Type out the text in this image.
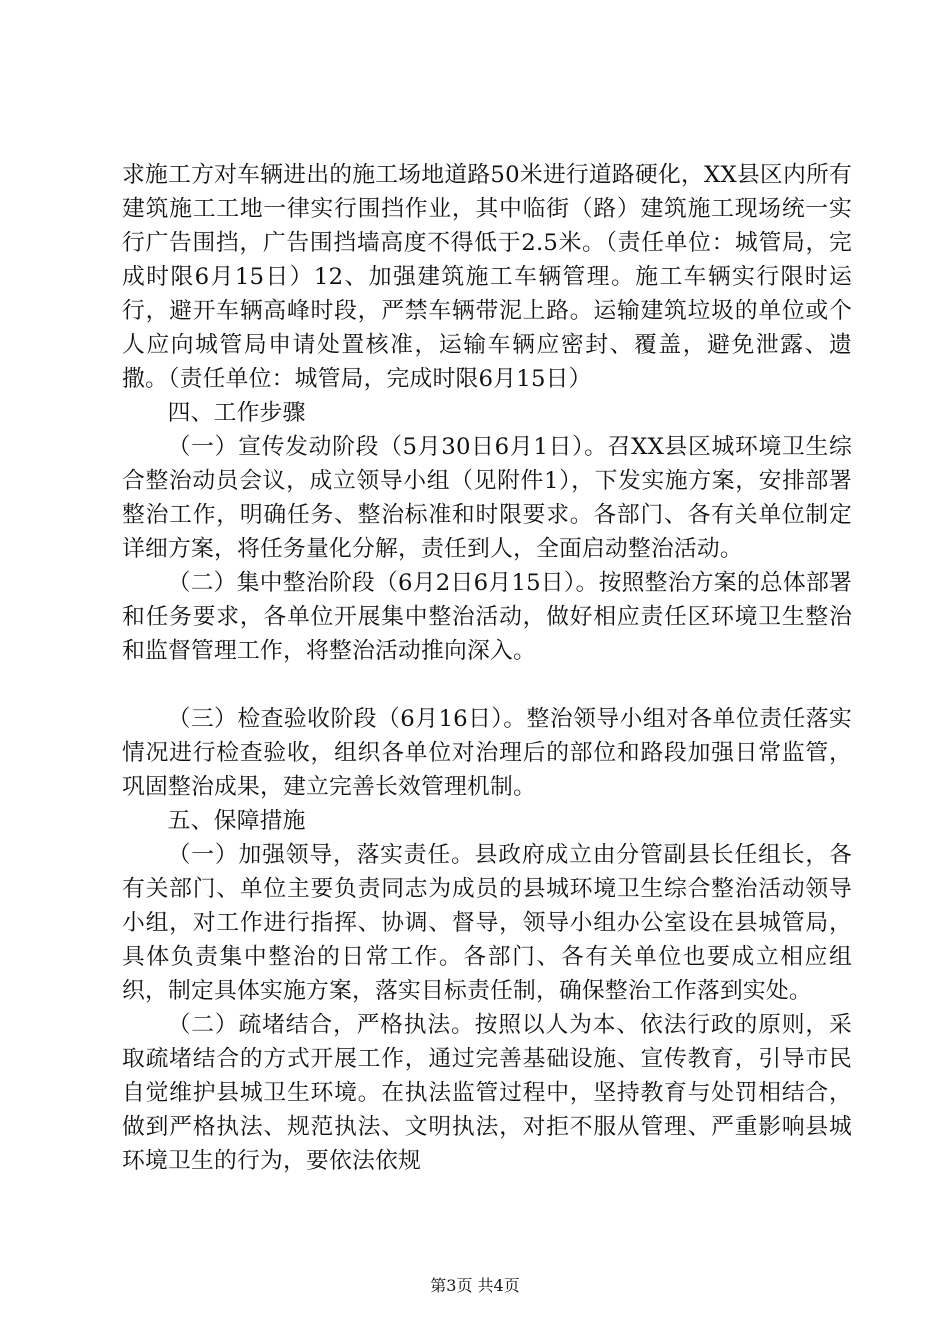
求施工方对车辆进出的施工场地道路50米进行道路硬化，XX县区内所有建筑施工工地一律实行围挡作业，其中临街（路）建筑施工现场统一实行广告围挡，广告围挡墙高度不得低于2.5米。（责任单位：城管局，完成时限6月15日）12、加强建筑施工车辆管理。施工车辆实行限时运行，避开车辆高峰时段，严禁车辆带泥上路。运输建筑垃圾的单位或个人应向城管局申请处置核准，运输车辆应密封、覆盖，避免泄露、遗撒。（责任单位：城管局，完成时限6月15日）

四、工作步骤

（一）宣传发动阶段（5月30日6月1日）。召XX县区城环境卫生综合整治动员会议，成立领导小组（见附件1），下发实施方案，安排部署整治工作，明确任务、整治标准和时限要求。各部门、各有关单位制定详细方案，将任务量化分解，责任到人，全面启动整治活动。

（二）集中整治阶段（6月2日6月15日）。按照整治方案的总体部署和任务要求，各单位开展集中整治活动，做好相应责任区环境卫生整治和监督管理工作，将整治活动推向深入。

（三）检查验收阶段（6月16日）。整治领导小组对各单位责任落实情况进行检查验收，组织各单位对治理后的部位和路段加强日常监管，巩固整治成果，建立完善长效管理机制。

五、保障措施

（一）加强领导，落实责任。县政府成立由分管副县长任组长，各有关部门、单位主要负责同志为成员的县城环境卫生综合整治活动领导小组，对工作进行指挥、协调、督导，领导小组办公室设在县城管局，具体负责集中整治的日常工作。各部门、各有关单位也要成立相应组织，制定具体实施方案，落实目标责任制，确保整治工作落到实处。

（二）疏堵结合，严格执法。按照以人为本、依法行政的原则，采取疏堵结合的方式开展工作，通过完善基础设施、宣传教育，引导市民自觉维护县城卫生环境。在执法监管过程中，坚持教育与处罚相结合，做到严格执法、规范执法、文明执法，对拒不服从管理、严重影响县城环境卫生的行为，要依法依规

第3页 共4页
